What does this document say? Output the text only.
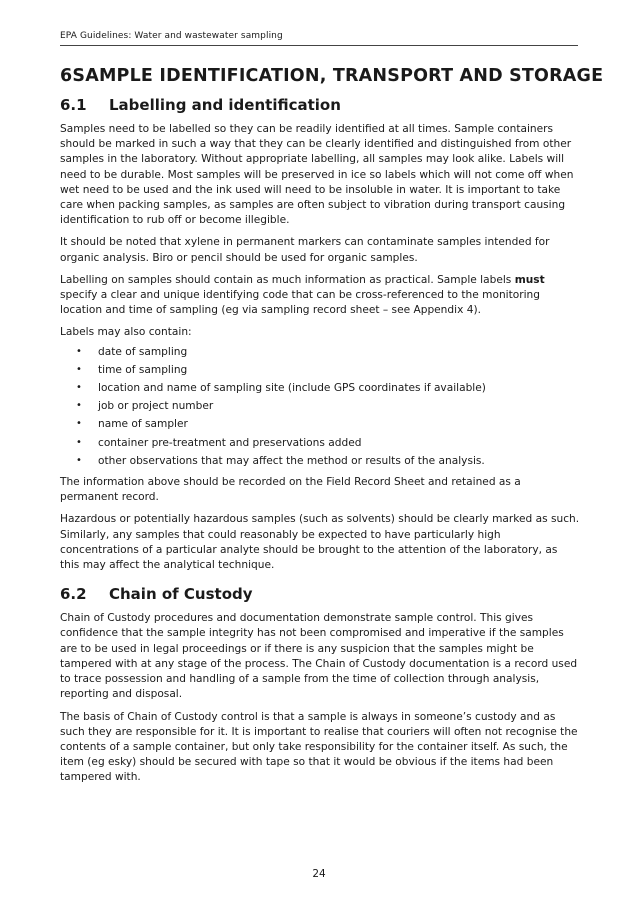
EPA Guidelines: Water and wastewater sampling
6 SAMPLE IDENTIFICATION, TRANSPORT AND STORAGE
6.1	Labelling and identification

Samples need to be labelled so they can be readily identified at all times. Sample containers should be marked in such a way that they can be clearly identified and distinguished from other samples in the laboratory. Without appropriate labelling, all samples may look alike. Labels will need to be durable. Most samples will be preserved in ice so labels which will not come off when wet need to be used and the ink used will need to be insoluble in water. It is important to take care when packing samples, as samples are often subject to vibration during transport causing identification to rub off or become illegible.

It should be noted that xylene in permanent markers can contaminate samples intended for organic analysis. Biro or pencil should be used for organic samples.

Labelling on samples should contain as much information as practical. Sample labels must specify a clear and unique identifying code that can be cross-referenced to the monitoring location and time of sampling (eg via sampling record sheet – see Appendix 4).

Labels may also contain:

• date of sampling
• time of sampling
• location and name of sampling site (include GPS coordinates if available)
• job or project number
• name of sampler
• container pre-treatment and preservations added
• other observations that may affect the method or results of the analysis.

The information above should be recorded on the Field Record Sheet and retained as a permanent record.

Hazardous or potentially hazardous samples (such as solvents) should be clearly marked as such. Similarly, any samples that could reasonably be expected to have particularly high concentrations of a particular analyte should be brought to the attention of the laboratory, as this may affect the analytical technique.

6.2	Chain of Custody

Chain of Custody procedures and documentation demonstrate sample control. This gives confidence that the sample integrity has not been compromised and imperative if the samples are to be used in legal proceedings or if there is any suspicion that the samples might be tampered with at any stage of the process. The Chain of Custody documentation is a record used to trace possession and handling of a sample from the time of collection through analysis, reporting and disposal.

The basis of Chain of Custody control is that a sample is always in someone’s custody and as such they are responsible for it. It is important to realise that couriers will often not recognise the contents of a sample container, but only take responsibility for the container itself. As such, the item (eg esky) should be secured with tape so that it would be obvious if the items had been tampered with.

24
